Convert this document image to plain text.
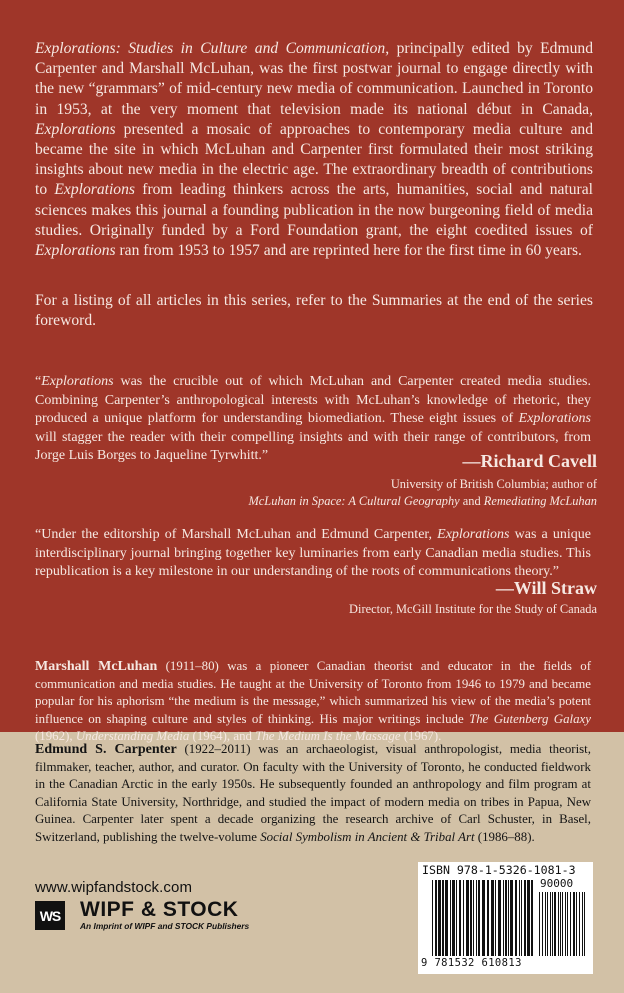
Explorations: Studies in Culture and Communication, principally edited by Edmund Carpenter and Marshall McLuhan, was the first postwar journal to engage directly with the new “grammars” of mid-century new media of communication. Launched in Toronto in 1953, at the very moment that television made its national début in Canada, Explorations presented a mosaic of approaches to contemporary media culture and became the site in which McLuhan and Carpenter first formulated their most striking insights about new media in the electric age. The extraordinary breadth of contributions to Explorations from leading thinkers across the arts, humanities, social and natural sciences makes this journal a founding publication in the now burgeoning field of media studies. Originally funded by a Ford Foundation grant, the eight coedited issues of Explorations ran from 1953 to 1957 and are reprinted here for the first time in 60 years.

For a listing of all articles in this series, refer to the Summaries at the end of the series foreword.

“Explorations was the crucible out of which McLuhan and Carpenter created media studies. Combining Carpenter’s anthropological interests with McLuhan’s knowledge of rhetoric, they produced a unique platform for understanding biomediation. These eight issues of Explorations will stagger the reader with their compelling insights and with their range of contributors, from Jorge Luis Borges to Jaqueline Tyrwhitt.”	—Richard Cavell

University of British Columbia; author of

McLuhan in Space: A Cultural Geography and Remediating McLuhan

“Under the editorship of Marshall McLuhan and Edmund Carpenter, Explorations was a unique interdisciplinary journal bringing together key luminaries from early Canadian media studies. This republication is a key milestone in our understanding of the roots of communications theory.”

—Will Straw

Director, McGill Institute for the Study of Canada

Marshall McLuhan (1911–80) was a pioneer Canadian theorist and educator in the fields of communication and media studies. He taught at the University of Toronto from 1946 to 1979 and became popular for his aphorism “the medium is the message,” which summarized his view of the media’s potent influence on shaping culture and styles of thinking. His major writings include The Gutenberg Galaxy (1962), Understanding Media (1964), and The Medium Is the Massage (1967).

Edmund S. Carpenter (1922–2011) was an archaeologist, visual anthropologist, media theorist, filmmaker, teacher, author, and curator. On faculty with the University of Toronto, he conducted fieldwork in the Canadian Arctic in the early 1950s. He subsequently founded an anthropology and film program at California State University, Northridge, and studied the impact of modern media on tribes in Papua, New Guinea. Carpenter later spent a decade organizing the research archive of Carl Schuster, in Basel, Switzerland, publishing the twelve-volume Social Symbolism in Ancient & Tribal Art (1986–88).

www.wipfandstock.com

WS WIPF & STOCK

An Imprint of WIPF and STOCK Publishers

ISBN 978-1-5326-1081-3

90000

9 781532 610813
